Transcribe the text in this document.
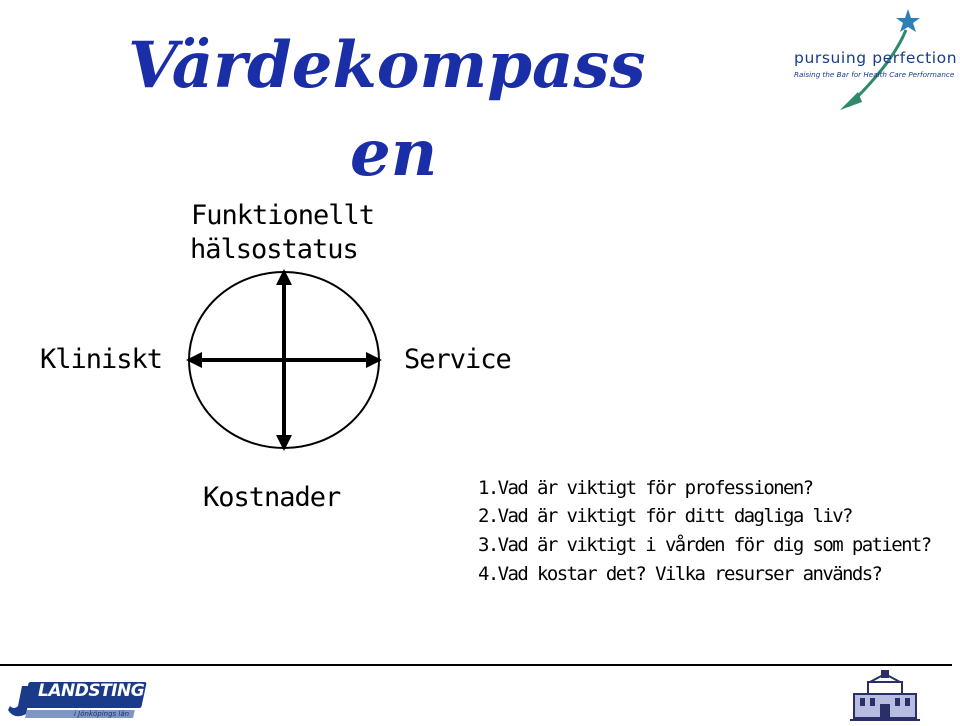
Värdekompass
en
pursuing perfection
Raising the Bar for Health Care Performance
Funktionellt
hälsostatus
Kliniskt	Service
Kostnader	1.Vad är viktigt för professionen?
2.Vad är viktigt för ditt dagliga liv?
3.Vad är viktigt i vården för dig som patient?
4.Vad kostar det? Vilka resurser används?
LANDSTINGET
i Jönköpings län
